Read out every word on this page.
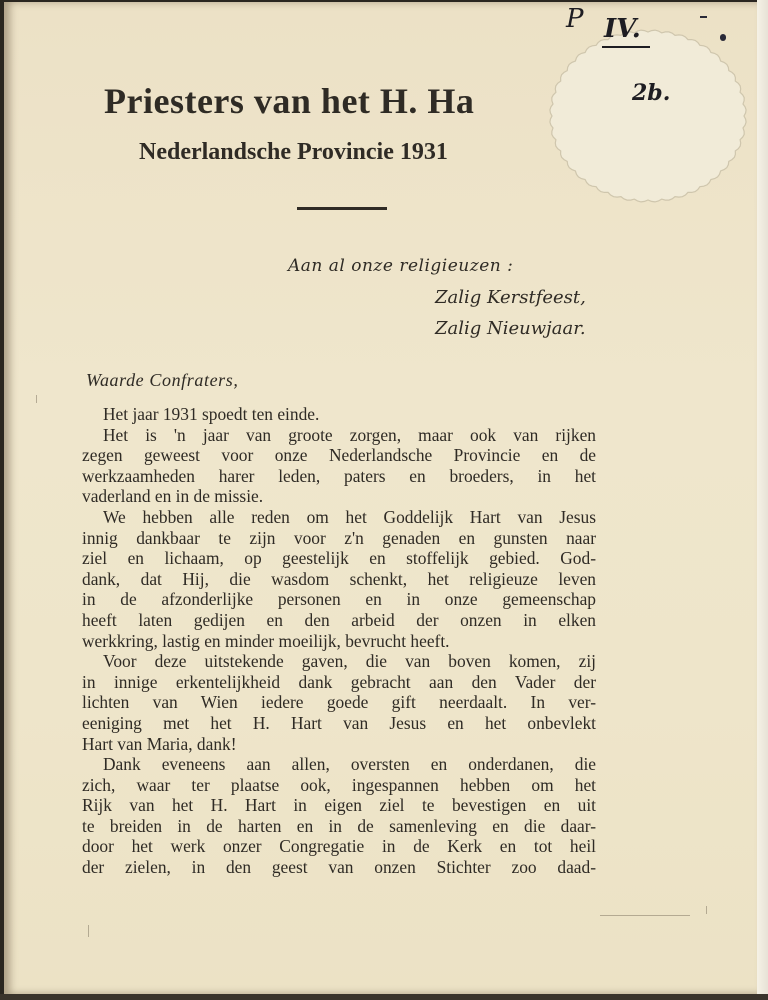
Priesters van het H. Ha
Nederlandsche Provincie 1931
P IV.
2b.
Aan al onze religieuzen :
Zalig Kerstfeest,
Zalig Nieuwjaar.
Waarde Confraters,
Het jaar 1931 spoedt ten einde.
Het is 'n jaar van groote zorgen, maar ook van rijken
zegen geweest voor onze Nederlandsche Provincie en de
werkzaamheden harer leden, paters en broeders, in het
vaderland en in de missie.
We hebben alle reden om het Goddelijk Hart van Jesus
innig dankbaar te zijn voor z'n genaden en gunsten naar
ziel en lichaam, op geestelijk en stoffelijk gebied. God-
dank, dat Hij, die wasdom schenkt, het religieuze leven
in de afzonderlijke personen en in onze gemeenschap
heeft laten gedijen en den arbeid der onzen in elken
werkkring, lastig en minder moeilijk, bevrucht heeft.
Voor deze uitstekende gaven, die van boven komen, zij
in innige erkentelijkheid dank gebracht aan den Vader der
lichten van Wien iedere goede gift neerdaalt. In ver-
eeniging met het H. Hart van Jesus en het onbevlekt
Hart van Maria, dank!
Dank eveneens aan allen, oversten en onderdanen, die
zich, waar ter plaatse ook, ingespannen hebben om het
Rijk van het H. Hart in eigen ziel te bevestigen en uit
te breiden in de harten en in de samenleving en die daar-
door het werk onzer Congregatie in de Kerk en tot heil
der zielen, in den geest van onzen Stichter zoo daad-
